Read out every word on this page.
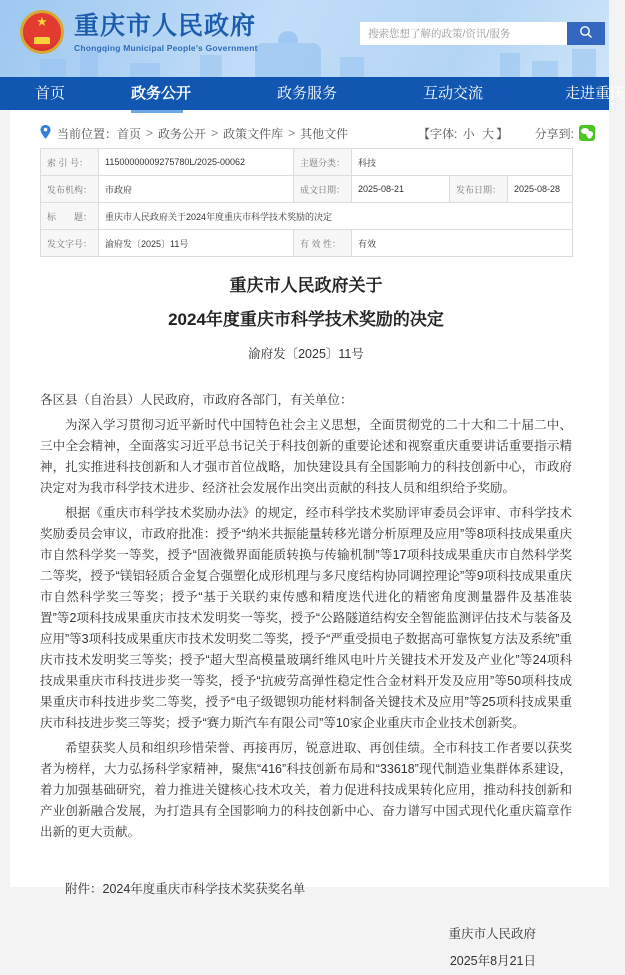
★	重庆市人民政府
Chongqing Municipal People's Government
搜索您想了解的政策/资讯/服务
首页	政务公开	政务服务	互动交流	走进重庆
当前位置： 首页 > 政务公开 > 政策文件库 > 其他文件	【字体: 小 大 】 分享到:
索 引 号：	11500000009275780L/2025-00062	主题分类：	科技		
发布机构：	市政府	成文日期：	2025-08-21	发布日期：	2025-08-28
标　　题：	重庆市人民政府关于2024年度重庆市科学技术奖励的决定				
发文字号：	渝府发〔2025〕11号	有 效 性：	有效		
重庆市人民政府关于
2024年度重庆市科学技术奖励的决定
渝府发〔2025〕11号

各区县（自治县）人民政府，市政府各部门，有关单位：

为深入学习贯彻习近平新时代中国特色社会主义思想，全面贯彻党的二十大和二十届二中、三中全会精神，全面落实习近平总书记关于科技创新的重要论述和视察重庆重要讲话重要指示精神，扎实推进科技创新和人才强市首位战略，加快建设具有全国影响力的科技创新中心，市政府决定对为我市科学技术进步、经济社会发展作出突出贡献的科技人员和组织给予奖励。

根据《重庆市科学技术奖励办法》的规定，经市科学技术奖励评审委员会评审、市科学技术奖励委员会审议，市政府批准：授予“纳米共振能量转移光谱分析原理及应用”等8项科技成果重庆市自然科学奖一等奖，授予“固液微界面能质转换与传输机制”等17项科技成果重庆市自然科学奖二等奖，授予“镁铝轻质合金复合强塑化成形机理与多尺度结构协同调控理论”等9项科技成果重庆市自然科学奖三等奖；授予“基于关联约束传感和精度迭代进化的精密角度测量器件及基准装置”等2项科技成果重庆市技术发明奖一等奖，授予“公路隧道结构安全智能监测评估技术与装备及应用”等3项科技成果重庆市技术发明奖二等奖，授予“严重受损电子数据高可靠恢复方法及系统”重庆市技术发明奖三等奖；授予“超大型高模量玻璃纤维风电叶片关键技术开发及产业化”等24项科技成果重庆市科技进步奖一等奖，授予“抗疲劳高弹性稳定性合金材料开发及应用”等50项科技成果重庆市科技进步奖二等奖，授予“电子级锶钡功能材料制备关键技术及应用”等25项科技成果重庆市科技进步奖三等奖；授予“赛力斯汽车有限公司”等10家企业重庆市企业技术创新奖。

希望获奖人员和组织珍惜荣誉、再接再厉，锐意进取、再创佳绩。全市科技工作者要以获奖者为榜样，大力弘扬科学家精神，聚焦“416”科技创新布局和“33618”现代制造业集群体系建设，着力加强基础研究，着力推进关键核心技术攻关，着力促进科技成果转化应用，推动科技创新和产业创新融合发展，为打造具有全国影响力的科技创新中心、奋力谱写中国式现代化重庆篇章作出新的更大贡献。

附件：2024年度重庆市科学技术奖获奖名单
重庆市人民政府
2025年8月21日
